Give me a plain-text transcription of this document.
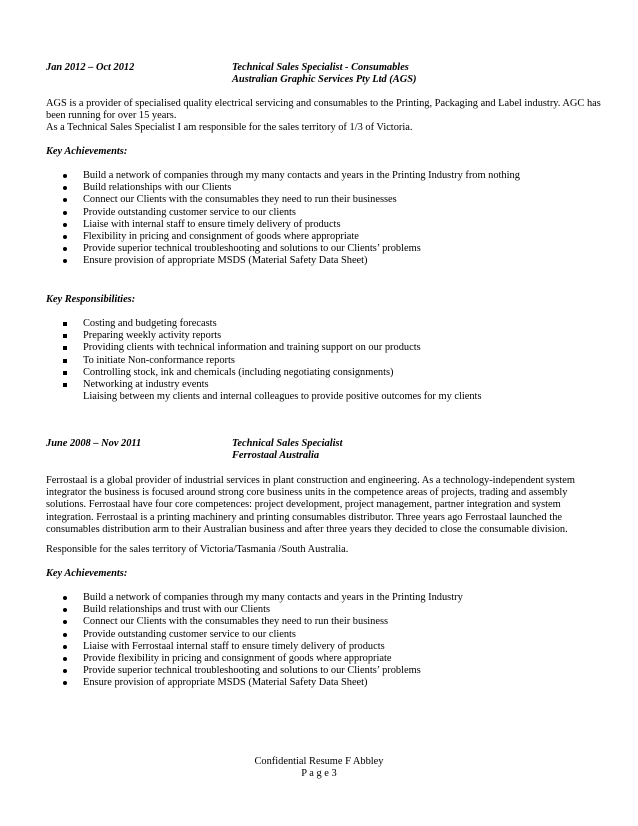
Jan 2012 – Oct 2012	Technical Sales Specialist - Consumables
Australian Graphic Services Pty Ltd (AGS)
AGS is a provider of specialised quality electrical servicing and consumables to the Printing, Packaging and Label industry. AGC has been running for over 15 years.
As a Technical Sales Specialist I am responsible for the sales territory of 1/3 of Victoria.
Key Achievements:
Build a network of companies through my many contacts and years in the Printing Industry from nothing
Build relationships with our Clients
Connect our Clients with the consumables they need to run their businesses
Provide outstanding customer service to our clients
Liaise with internal staff to ensure timely delivery of products
Flexibility in pricing and consignment of goods where appropriate
Provide superior technical troubleshooting and solutions to our Clients’ problems
Ensure provision of appropriate MSDS (Material Safety Data Sheet)
Key Responsibilities:
Costing and budgeting forecasts
Preparing weekly activity reports
Providing clients with technical information and training support on our products
To initiate Non-conformance reports
Controlling stock, ink and chemicals (including negotiating consignments)
Networking at industry events
Liaising between my clients and internal colleagues to provide positive outcomes for my clients
June 2008 – Nov 2011	Technical Sales Specialist
Ferrostaal Australia
Ferrostaal is a global provider of industrial services in plant construction and engineering. As a technology-independent system integrator the business is focused around strong core business units in the competence areas of projects, trading and assembly solutions. Ferrostaal have four core competences: project development, project management, partner integration and system integration. Ferrostaal is a printing machinery and printing consumables distributor. Three years ago Ferrostaal launched the consumables distribution arm to their Australian business and after three years they decided to close the consumable division.
Responsible for the sales territory of Victoria/Tasmania /South Australia.
Key Achievements:
Build a network of companies through my many contacts and years in the Printing Industry
Build relationships and trust with our Clients
Connect our Clients with the consumables they need to run their business
Provide outstanding customer service to our clients
Liaise with Ferrostaal internal staff to ensure timely delivery of products
Provide flexibility in pricing and consignment of goods where appropriate
Provide superior technical troubleshooting and solutions to our Clients’ problems
Ensure provision of appropriate MSDS (Material Safety Data Sheet)
Confidential Resume F Abbley
P a g e 3
